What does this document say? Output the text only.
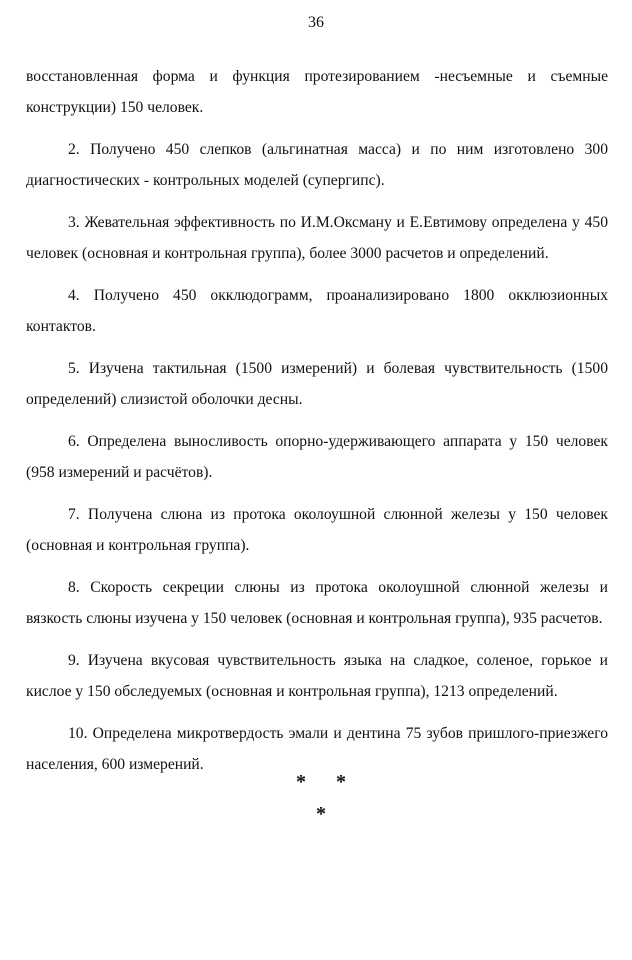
36

восстановленная форма и функция протезированием -несъемные и съемные конструкции) 150 человек.

2. Получено 450 слепков (альгинатная масса) и по ним изготовлено 300 диагностических - контрольных моделей (супергипс).

3. Жевательная эффективность по И.М.Оксману и Е.Евтимову определена у 450 человек (основная и контрольная группа), более 3000 расчетов и определений.

4. Получено 450 окклюдограмм, проанализировано 1800 окклюзионных контактов.

5. Изучена тактильная (1500 измерений) и болевая чувствительность (1500 определений) слизистой оболочки десны.

6. Определена выносливость опорно-удерживающего аппарата у 150 человек (958 измерений и расчётов).

7. Получена слюна из протока околоушной слюнной железы у 150 человек (основная и контрольная группа).

8. Скорость секреции слюны из протока околоушной слюнной железы и вязкость слюны изучена у 150 человек (основная и контрольная группа), 935 расчетов.

9. Изучена вкусовая чувствительность языка на сладкое, соленое, горькое и кислое у 150 обследуемых (основная и контрольная группа), 1213 определений.

10. Определена микротвердость эмали и дентина 75 зубов пришлого-приезжего населения, 600 измерений.

* *
*
